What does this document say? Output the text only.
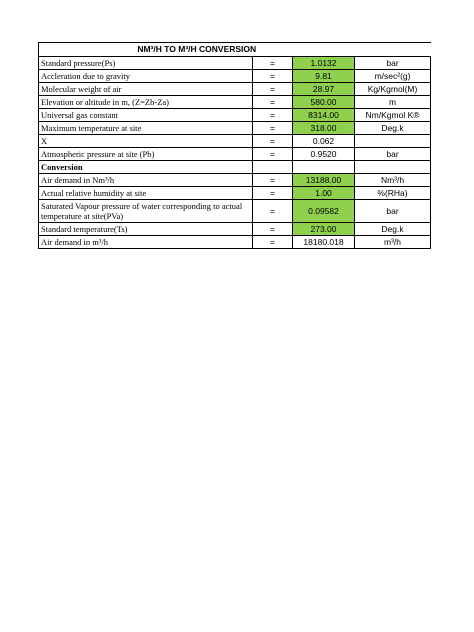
NM³/H TO M³/H CONVERSION			
Standard pressure(Ps)	=	1.0132	bar
Accleration due to gravity	=	9.81	m/sec²(g)
Molecular weight of air	=	28.97	Kg/Kgmol(M)
Elevation or altitude in m, (Z=Zb-Za)	=	580.00	m
Universal gas constant	=	8314.00	Nm/Kgmol K®
Maximum temperature at site	=	318.00	Deg.k
X	=	0.062	
Atmospheric pressure at site (Pb)	=	0.9520	bar
Conversion			
Air demand in Nm³/h	=	13188.00	Nm³/h
Actual relative humidity at site	=	1.00	%(RHa)
Saturated Vapour pressure of water corresponding to actual temperature at site(PVa)	=	0.09582	bar
Standard temperature(Ts)	=	273.00	Deg.k
Air demand in m³/h	=	18180.018	m³/h
